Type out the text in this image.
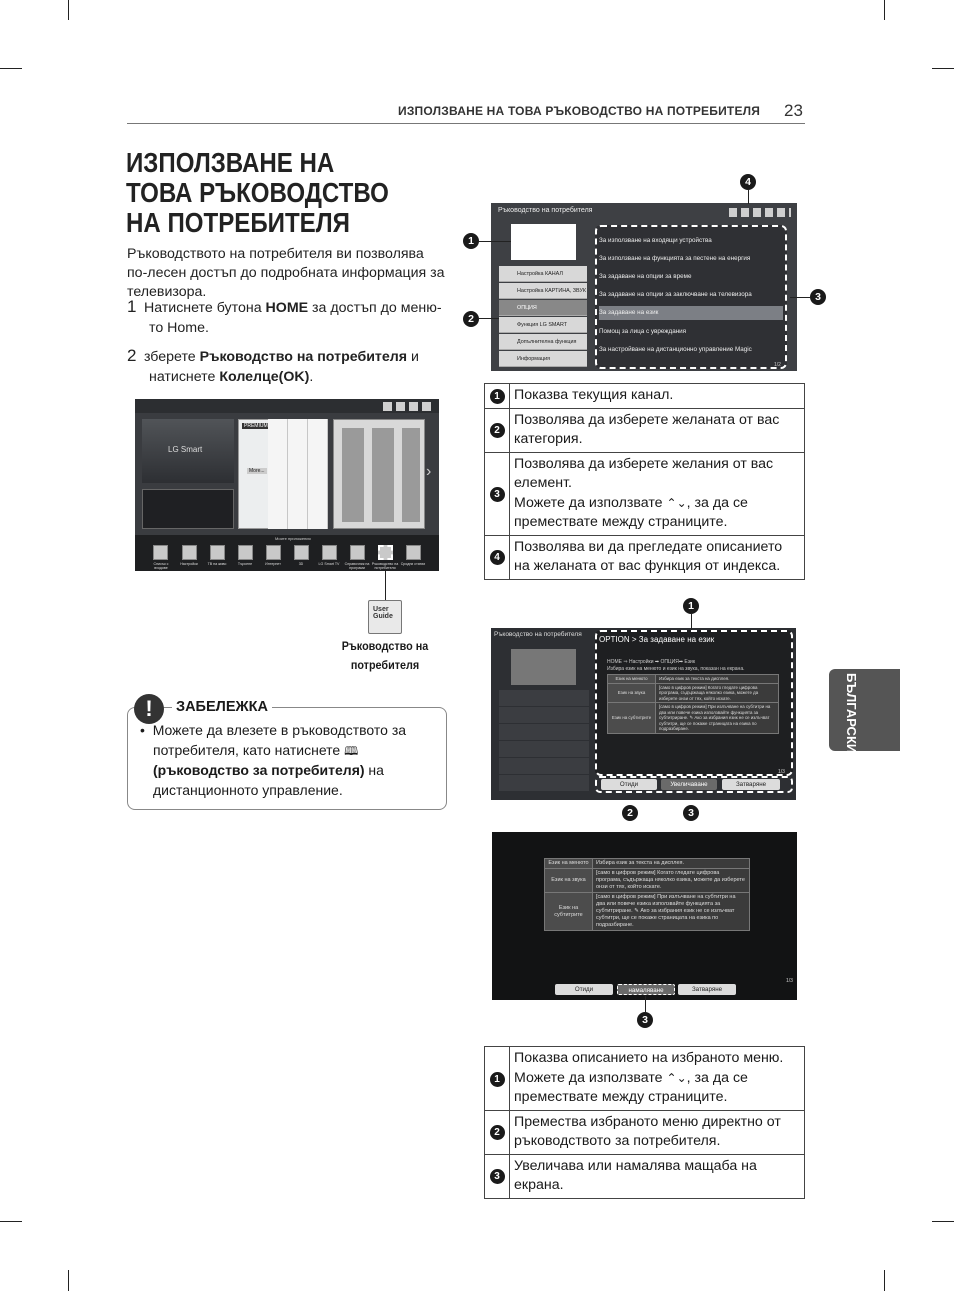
ИЗПОЛЗВАНЕ НА ТОВА РЪКОВОДСТВО НА ПОТРЕБИТЕЛЯ 23
ИЗПОЛЗВАНЕ НА ТОВА РЪКОВОДСТВО НА ПОТРЕБИТЕЛЯ
Ръководството на потребителя ви позволява по-лесен достъп до подробната информация за телевизора.
1 Натиснете бутона HOME за достъп до меню-
то Home.
2 зберете Ръководство на потребителя и
натиснете Колелце(OK).
LG Smart
PREMIUM
More...	›
Моите приложения
Списък с входове
Настройки	ТВ на живо	Търсене	Интернет	3D	LG Smart TV	Справочник на програми
Ръководство на потребителя
Сродни статии
User Guide
Ръководство на
потребителя
!	ЗАБЕЛЕЖКА
• Можете да влезете в ръководството за потребителя, като натиснете 🕮(ръководство за потребителя) на дистанционното управление.
Ръководство на потребителя
Настройка КАНАЛ
Настройка КАРТИНА, ЗВУК
ОПЦИЯ
Функция LG SMART
Допълнителна функция
Информация
За използване на входящи устройства
За използване на функцията за пестене на енергия
За задаване на опции за време
За задаване на опции за заключване на телевизора
За задаване на език
Помощ за лица с увреждания
За настройване на дистанционно управление Magic
1/2
1
2
3
4
1	Показва текущия канал.
2	Позволява да изберете желаната от вас категория.
3	Позволява да изберете желания от вас елемент.
Можете да използвате ⌃⌄, за да се премествате между страниците.
4	Позволява ви да прегледате описанието на желаната от вас функция от индекса.
Ръководство на потребителя
OPTION > За задаване на език
HOME ⇒ Настройки ➡ ОПЦИЯ➡ Език
Избира език на менюто и език на звука, показан на екрана.
Език на менюто	Избира език за текста на дисплея.
Език на звука	[само в цифров режим] Когато гледате цифрова програма, съдържаща няколко езика, можете да изберете онзи от тях, който искате.
Език на субтитрите	[само в цифров режим] При излъчване на субтитри на два или повече езика използвайте функцията за субтитриране. ✎ Ако за избрания език не се излъчват субтитри, ще се покаже страницата на езика по подразбиране.
1/3
Отиди	Увеличаване	Затваряне
1
2	3
Език на менюто	Избира език за текста на дисплея.
Език на звука	[само в цифров режим] Когато гледате цифрова програма, съдържаща няколко езика, можете да изберете онзи от тях, който искате.
Език на субтитрите	[само в цифров режим] При излъчване на субтитри на два или повече езика използвайте функцията за субтитриране. ✎ Ако за избрания език не се излъчват субтитри, ще се покаже страницата на езика по подразбиране.
1/3
Отиди	намаляване	Затваряне
3
1	Показва описанието на избраното меню.
Можете да използвате ⌃⌄, за да се премествате между страниците.
2	Премества избраното меню директно от ръководството за потребителя.
3	Увеличава или намалява мащаба на екрана.
БЪЛГАРСКИ
